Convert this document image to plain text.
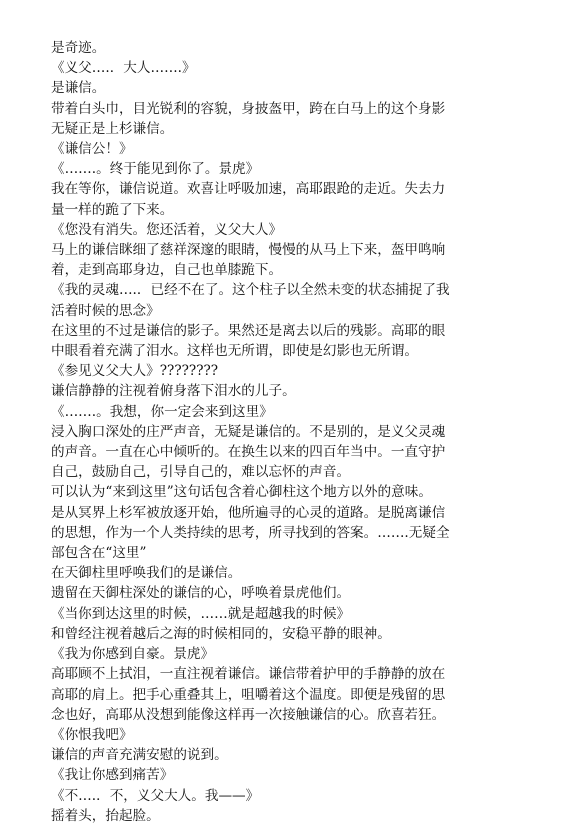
是奇迹。

《义父….．大人…….》

是谦信。

带着白头巾，目光锐利的容貌，身披盔甲，跨在白马上的这个身影

无疑正是上杉谦信。

《谦信公！》

《…….。终于能见到你了。景虎》

我在等你，谦信说道。欢喜让呼吸加速，高耶跟跄的走近。失去力

量一样的跪了下来。

《您没有消失。您还活着，义父大人》

马上的谦信眯细了慈祥深邃的眼睛，慢慢的从马上下来，盔甲鸣响

着，走到高耶身边，自己也单膝跪下。

《我的灵魂….．已经不在了。这个柱子以全然未变的状态捕捉了我

活着时候的思念》

在这里的不过是谦信的影子。果然还是离去以后的残影。高耶的眼

中眼看着充满了泪水。这样也无所谓，即使是幻影也无所谓。

《参见义父大人》????????

谦信静静的注视着俯身落下泪水的儿子。

《…….。我想，你一定会来到这里》

浸入胸口深处的庄严声音，无疑是谦信的。不是别的，是义父灵魂

的声音。一直在心中倾听的。在换生以来的四百年当中。一直守护

自己，鼓励自己，引导自己的，难以忘怀的声音。

可以认为“来到这里”这句话包含着心御柱这个地方以外的意味。

是从冥界上杉军被放逐开始，他所遍寻的心灵的道路。是脱离谦信

的思想，作为一个人类持续的思考，所寻找到的答案。…….无疑全

部包含在“这里”

在天御柱里呼唤我们的是谦信。

遗留在天御柱深处的谦信的心，呼唤着景虎他们。

《当你到达这里的时候，……就是超越我的时候》

和曾经注视着越后之海的时候相同的，安稳平静的眼神。

《我为你感到自豪。景虎》

高耶顾不上拭泪，一直注视着谦信。谦信带着护甲的手静静的放在

高耶的肩上。把手心重叠其上，咀嚼着这个温度。即便是残留的思

念也好，高耶从没想到能像这样再一次接触谦信的心。欣喜若狂。

《你恨我吧》

谦信的声音充满安慰的说到。

《我让你感到痛苦》

《不….．不，义父大人。我——》

摇着头，抬起脸。
